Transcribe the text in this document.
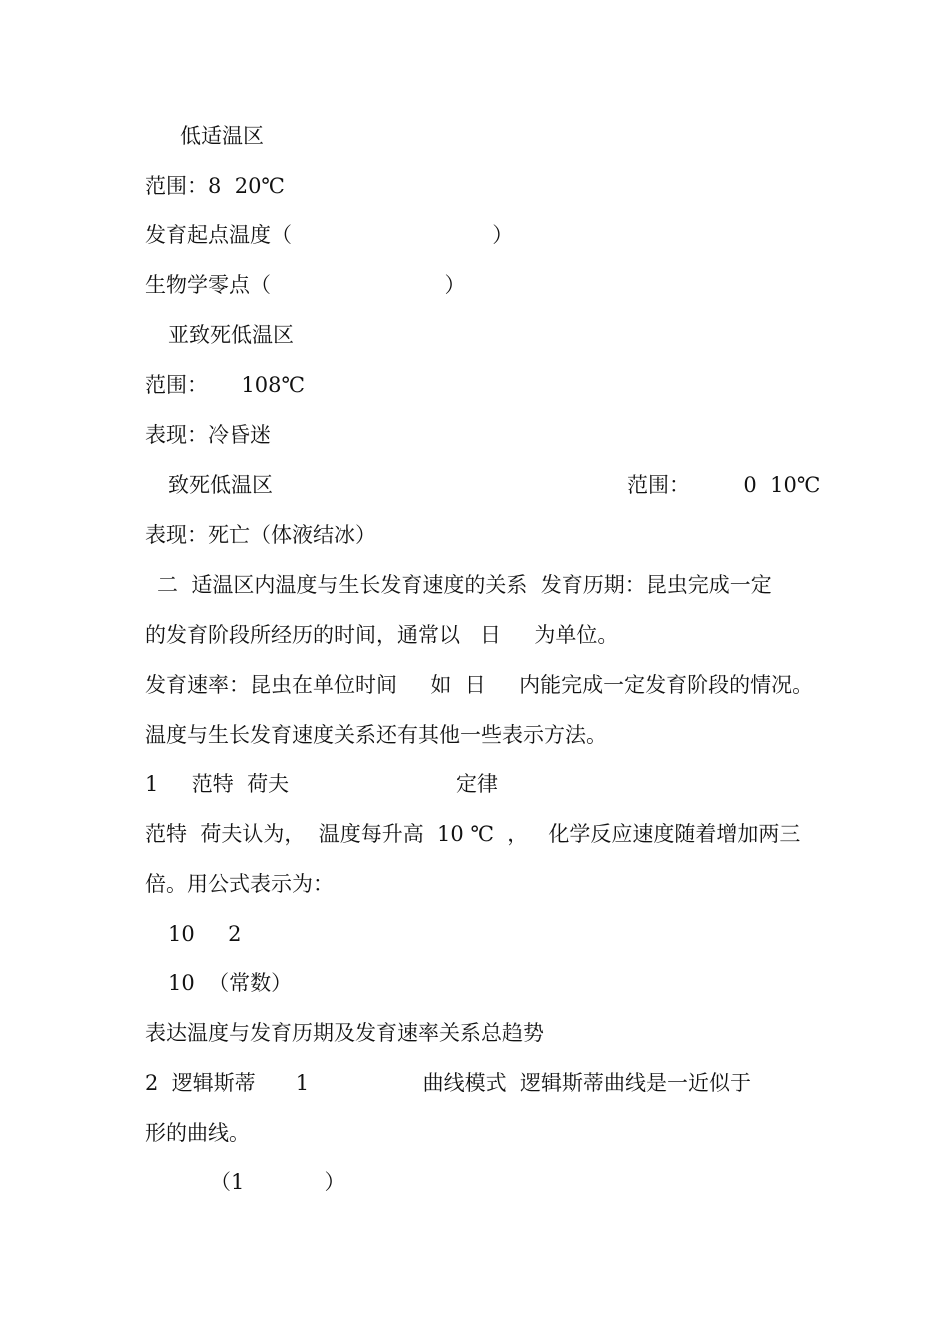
低适温区
范围：8  20℃
发育起点温度（                              ）
生物学零点（                          ）
亚致死低温区
范围：     108℃
表现：冷昏迷
致死低温区	范围：        0  10℃
表现：死亡（体液结冰）
二  适温区内温度与生长发育速度的关系  发育历期：昆虫完成一定
的发育阶段所经历的时间，通常以   日     为单位。
发育速率：昆虫在单位时间     如  日     内能完成一定发育阶段的情况。
温度与生长发育速度关系还有其他一些表示方法。
1     范特  荷夫                         定律
范特  荷夫认为，  温度每升高  10 ℃  ，   化学反应速度随着增加两三
倍。用公式表示为：
10     2
10  （常数）
表达温度与发育历期及发育速率关系总趋势
2  逻辑斯蒂      1                 曲线模式  逻辑斯蒂曲线是一近似于
形的曲线。
（1            ）
